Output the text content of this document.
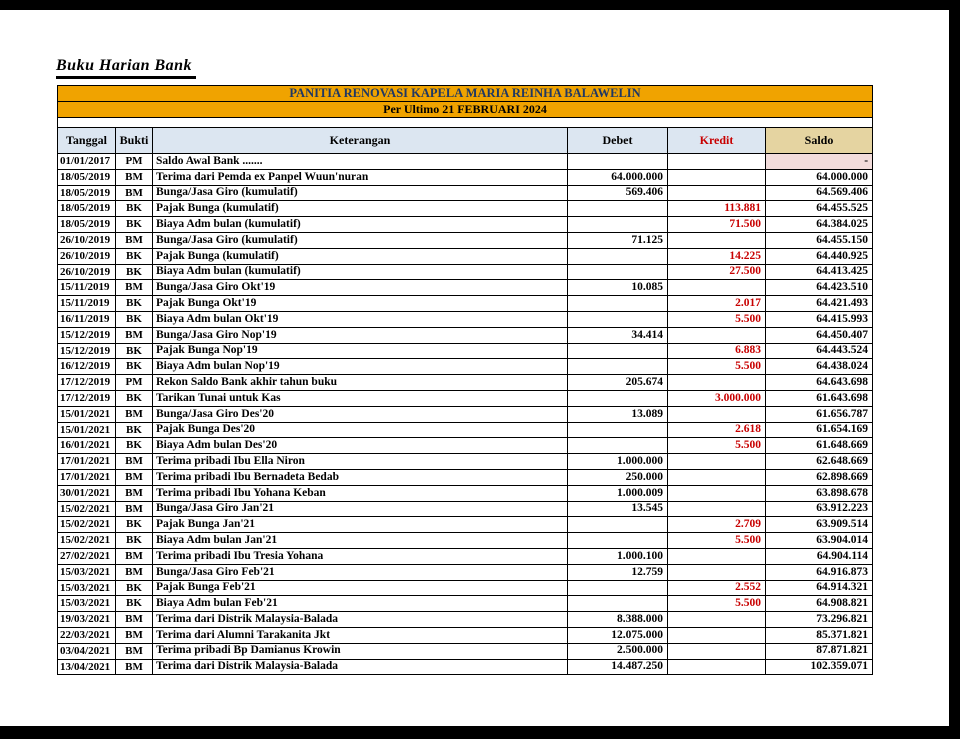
Buku Harian Bank
PANITIA RENOVASI KAPELA MARIA REINHA BALAWELIN					
Per Ultimo 21 FEBRUARI 2024					

Tanggal	Bukti	Keterangan	Debet	Kredit	Saldo
01/01/2017	PM	Saldo Awal Bank .......			-
18/05/2019	BM	Terima dari Pemda ex Panpel Wuun'nuran	64.000.000		64.000.000
18/05/2019	BM	Bunga/Jasa Giro (kumulatif)	569.406		64.569.406
18/05/2019	BK	Pajak Bunga (kumulatif)		113.881	64.455.525
18/05/2019	BK	Biaya Adm bulan (kumulatif)		71.500	64.384.025
26/10/2019	BM	Bunga/Jasa Giro (kumulatif)	71.125		64.455.150
26/10/2019	BK	Pajak Bunga (kumulatif)		14.225	64.440.925
26/10/2019	BK	Biaya Adm bulan (kumulatif)		27.500	64.413.425
15/11/2019	BM	Bunga/Jasa Giro Okt'19	10.085		64.423.510
15/11/2019	BK	Pajak Bunga Okt'19		2.017	64.421.493
16/11/2019	BK	Biaya Adm bulan Okt'19		5.500	64.415.993
15/12/2019	BM	Bunga/Jasa Giro Nop'19	34.414		64.450.407
15/12/2019	BK	Pajak Bunga Nop'19		6.883	64.443.524
16/12/2019	BK	Biaya Adm bulan Nop'19		5.500	64.438.024
17/12/2019	PM	Rekon Saldo Bank akhir tahun buku	205.674		64.643.698
17/12/2019	BK	Tarikan Tunai untuk Kas		3.000.000	61.643.698
15/01/2021	BM	Bunga/Jasa Giro Des'20	13.089		61.656.787
15/01/2021	BK	Pajak Bunga Des'20		2.618	61.654.169
16/01/2021	BK	Biaya Adm bulan Des'20		5.500	61.648.669
17/01/2021	BM	Terima pribadi Ibu Ella Niron	1.000.000		62.648.669
17/01/2021	BM	Terima pribadi Ibu Bernadeta Bedab	250.000		62.898.669
30/01/2021	BM	Terima pribadi Ibu Yohana Keban	1.000.009		63.898.678
15/02/2021	BM	Bunga/Jasa Giro Jan'21	13.545		63.912.223
15/02/2021	BK	Pajak Bunga Jan'21		2.709	63.909.514
15/02/2021	BK	Biaya Adm bulan Jan'21		5.500	63.904.014
27/02/2021	BM	Terima pribadi Ibu Tresia Yohana	1.000.100		64.904.114
15/03/2021	BM	Bunga/Jasa Giro Feb'21	12.759		64.916.873
15/03/2021	BK	Pajak Bunga Feb'21		2.552	64.914.321
15/03/2021	BK	Biaya Adm bulan Feb'21		5.500	64.908.821
19/03/2021	BM	Terima dari Distrik Malaysia-Balada	8.388.000		73.296.821
22/03/2021	BM	Terima dari Alumni Tarakanita Jkt	12.075.000		85.371.821
03/04/2021	BM	Terima pribadi Bp Damianus Krowin	2.500.000		87.871.821
13/04/2021	BM	Terima dari Distrik Malaysia-Balada	14.487.250		102.359.071
